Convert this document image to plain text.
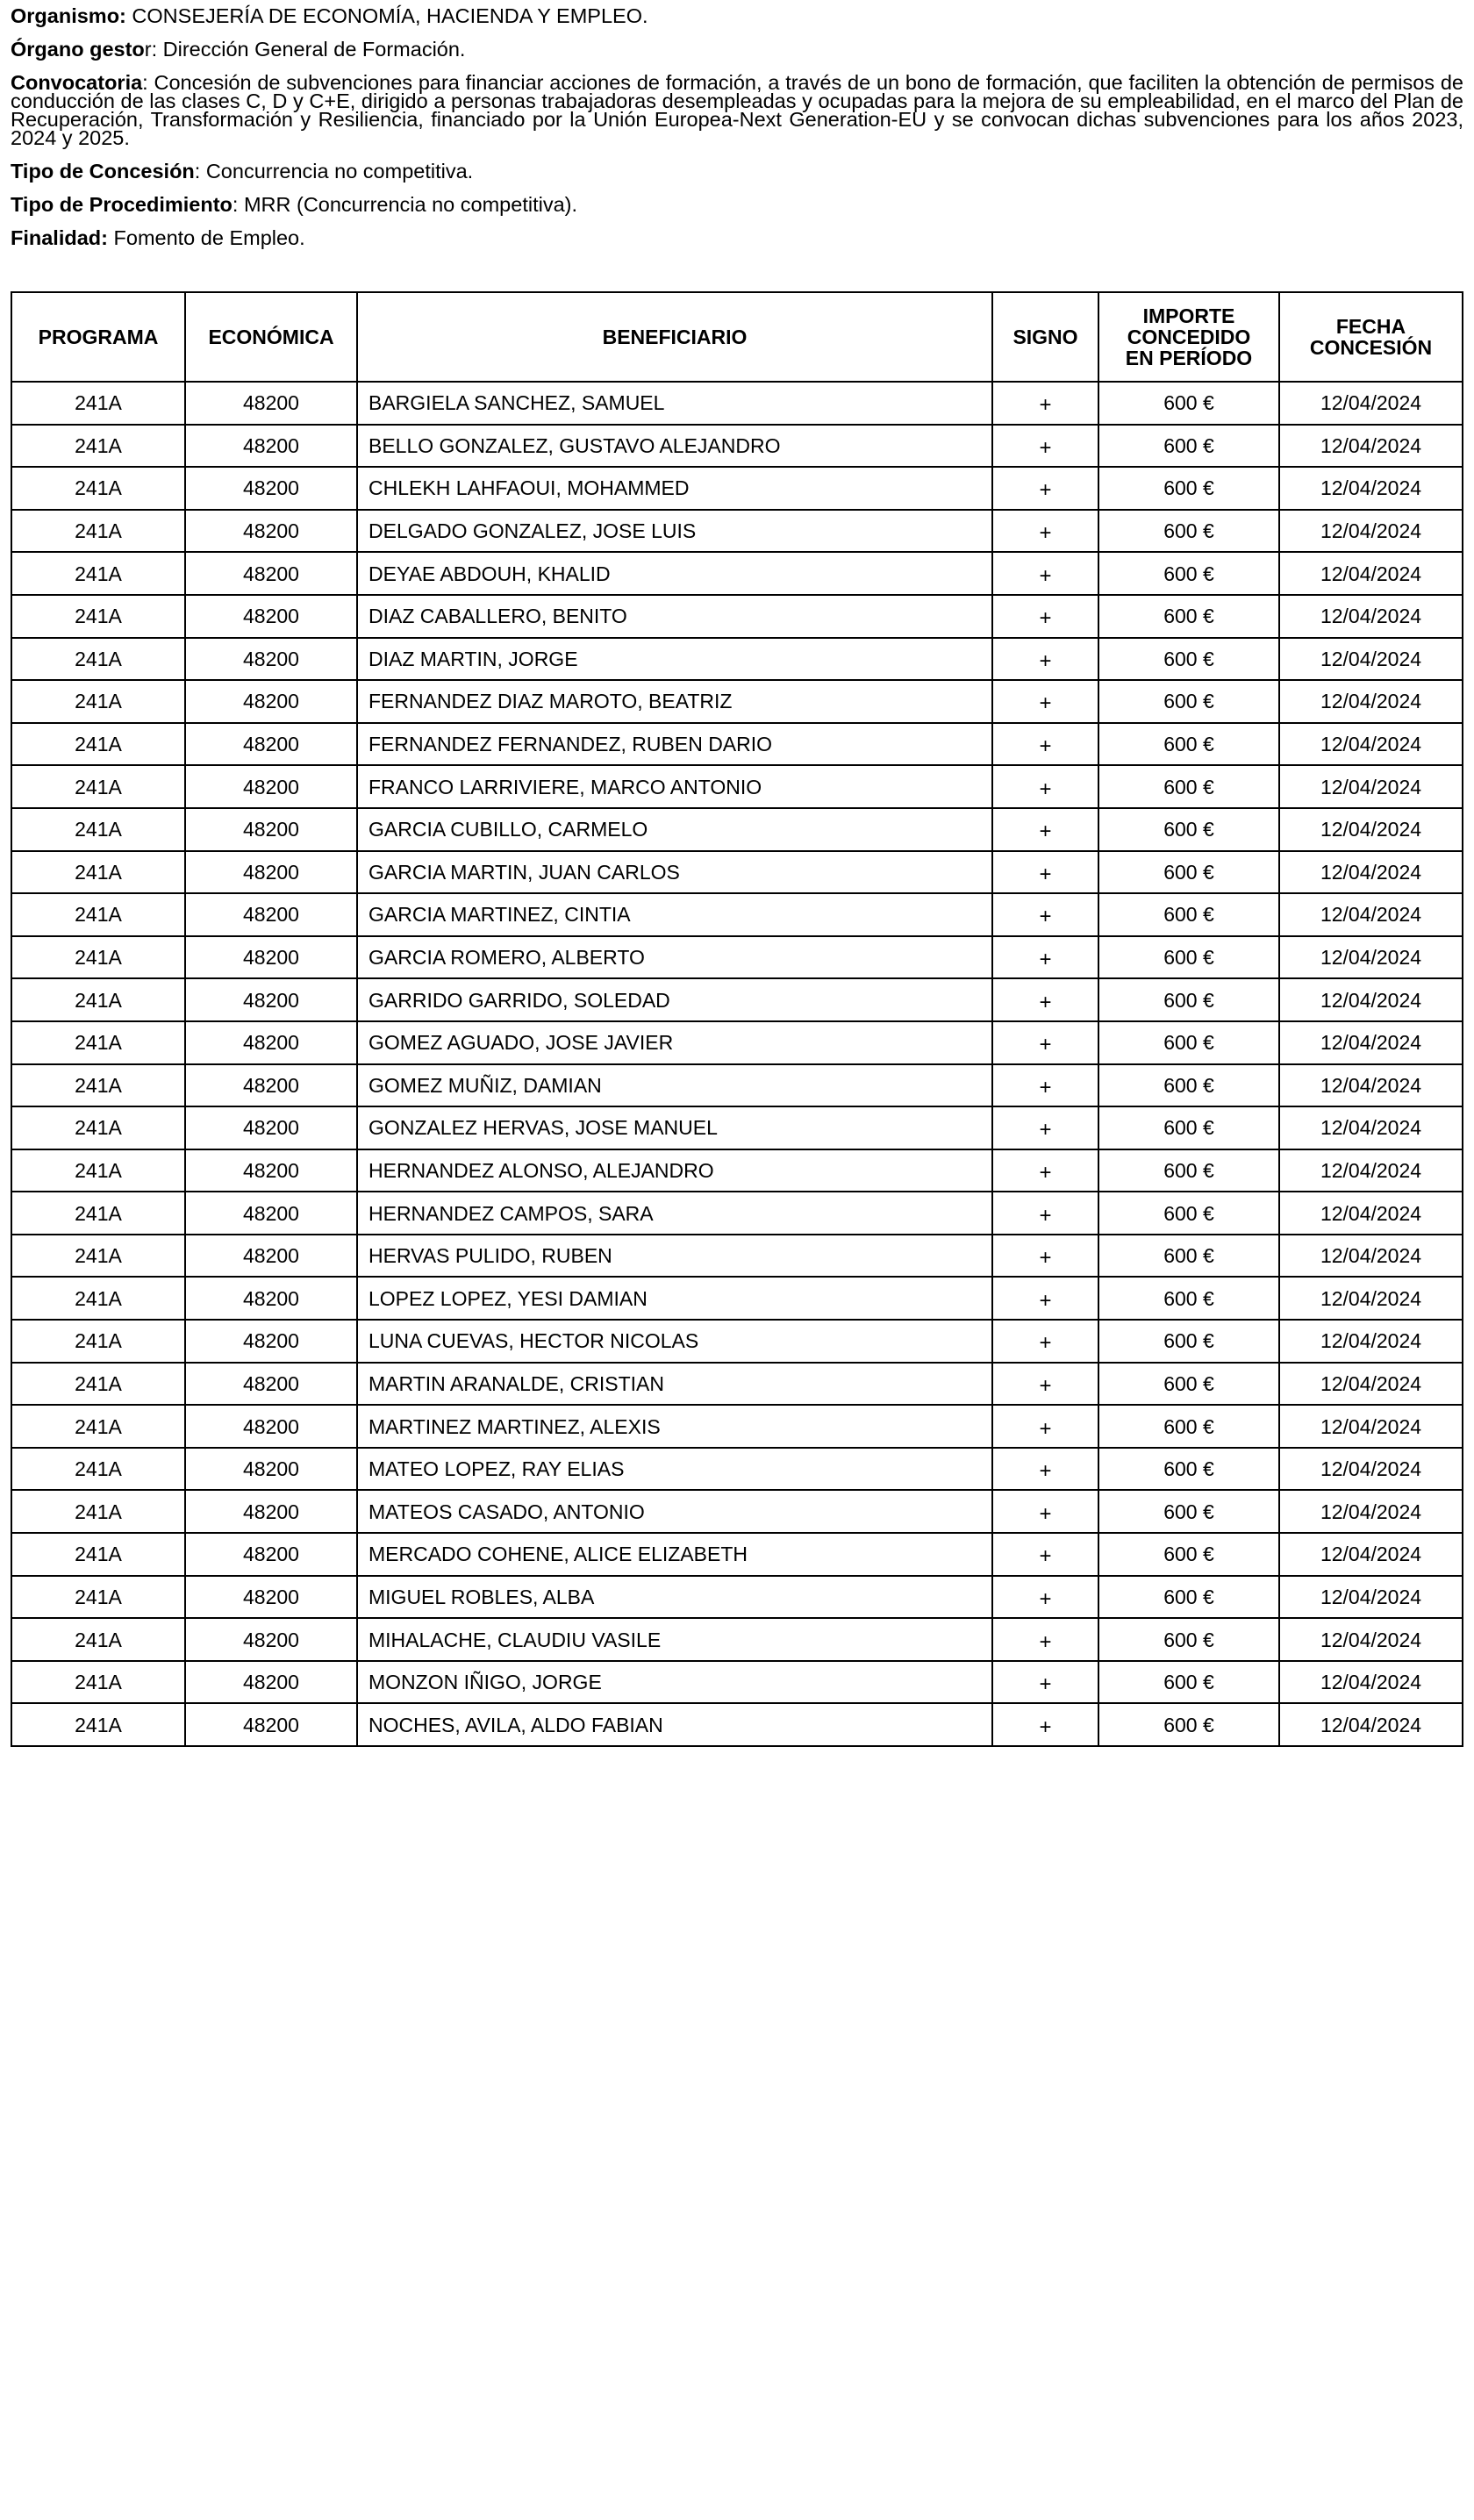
Organismo: CONSEJERÍA DE ECONOMÍA, HACIENDA Y EMPLEO.

Órgano gestor: Dirección General de Formación.

Convocatoria: Concesión de subvenciones para financiar acciones de formación, a través de un bono de formación, que faciliten la obtención de permisos de conducción de las clases C, D y C+E, dirigido a personas trabajadoras desempleadas y ocupadas para la mejora de su empleabilidad, en el marco del Plan de Recuperación, Transformación y Resiliencia, financiado por la Unión Europea-Next Generation-EU y se convocan dichas subvenciones para los años 2023, 2024 y 2025.

Tipo de Concesión: Concurrencia no competitiva.

Tipo de Procedimiento: MRR (Concurrencia no competitiva).

Finalidad: Fomento de Empleo.

PROGRAMA	ECONÓMICA	BENEFICIARIO	SIGNO	IMPORTE
CONCEDIDO
EN PERÍODO	FECHA
CONCESIÓN
241A	48200	BARGIELA SANCHEZ, SAMUEL	+	600 €	12/04/2024
241A	48200	BELLO GONZALEZ, GUSTAVO ALEJANDRO	+	600 €	12/04/2024
241A	48200	CHLEKH LAHFAOUI, MOHAMMED	+	600 €	12/04/2024
241A	48200	DELGADO GONZALEZ, JOSE LUIS	+	600 €	12/04/2024
241A	48200	DEYAE ABDOUH, KHALID	+	600 €	12/04/2024
241A	48200	DIAZ CABALLERO, BENITO	+	600 €	12/04/2024
241A	48200	DIAZ MARTIN, JORGE	+	600 €	12/04/2024
241A	48200	FERNANDEZ DIAZ MAROTO, BEATRIZ	+	600 €	12/04/2024
241A	48200	FERNANDEZ FERNANDEZ, RUBEN DARIO	+	600 €	12/04/2024
241A	48200	FRANCO LARRIVIERE, MARCO ANTONIO	+	600 €	12/04/2024
241A	48200	GARCIA CUBILLO, CARMELO	+	600 €	12/04/2024
241A	48200	GARCIA MARTIN, JUAN CARLOS	+	600 €	12/04/2024
241A	48200	GARCIA MARTINEZ, CINTIA	+	600 €	12/04/2024
241A	48200	GARCIA ROMERO, ALBERTO	+	600 €	12/04/2024
241A	48200	GARRIDO GARRIDO, SOLEDAD	+	600 €	12/04/2024
241A	48200	GOMEZ AGUADO, JOSE JAVIER	+	600 €	12/04/2024
241A	48200	GOMEZ MUÑIZ, DAMIAN	+	600 €	12/04/2024
241A	48200	GONZALEZ HERVAS, JOSE MANUEL	+	600 €	12/04/2024
241A	48200	HERNANDEZ ALONSO, ALEJANDRO	+	600 €	12/04/2024
241A	48200	HERNANDEZ CAMPOS, SARA	+	600 €	12/04/2024
241A	48200	HERVAS PULIDO, RUBEN	+	600 €	12/04/2024
241A	48200	LOPEZ LOPEZ, YESI DAMIAN	+	600 €	12/04/2024
241A	48200	LUNA CUEVAS, HECTOR NICOLAS	+	600 €	12/04/2024
241A	48200	MARTIN ARANALDE, CRISTIAN	+	600 €	12/04/2024
241A	48200	MARTINEZ MARTINEZ, ALEXIS	+	600 €	12/04/2024
241A	48200	MATEO LOPEZ, RAY ELIAS	+	600 €	12/04/2024
241A	48200	MATEOS CASADO, ANTONIO	+	600 €	12/04/2024
241A	48200	MERCADO COHENE, ALICE ELIZABETH	+	600 €	12/04/2024
241A	48200	MIGUEL ROBLES, ALBA	+	600 €	12/04/2024
241A	48200	MIHALACHE, CLAUDIU VASILE	+	600 €	12/04/2024
241A	48200	MONZON IÑIGO, JORGE	+	600 €	12/04/2024
241A	48200	NOCHES, AVILA, ALDO FABIAN	+	600 €	12/04/2024
